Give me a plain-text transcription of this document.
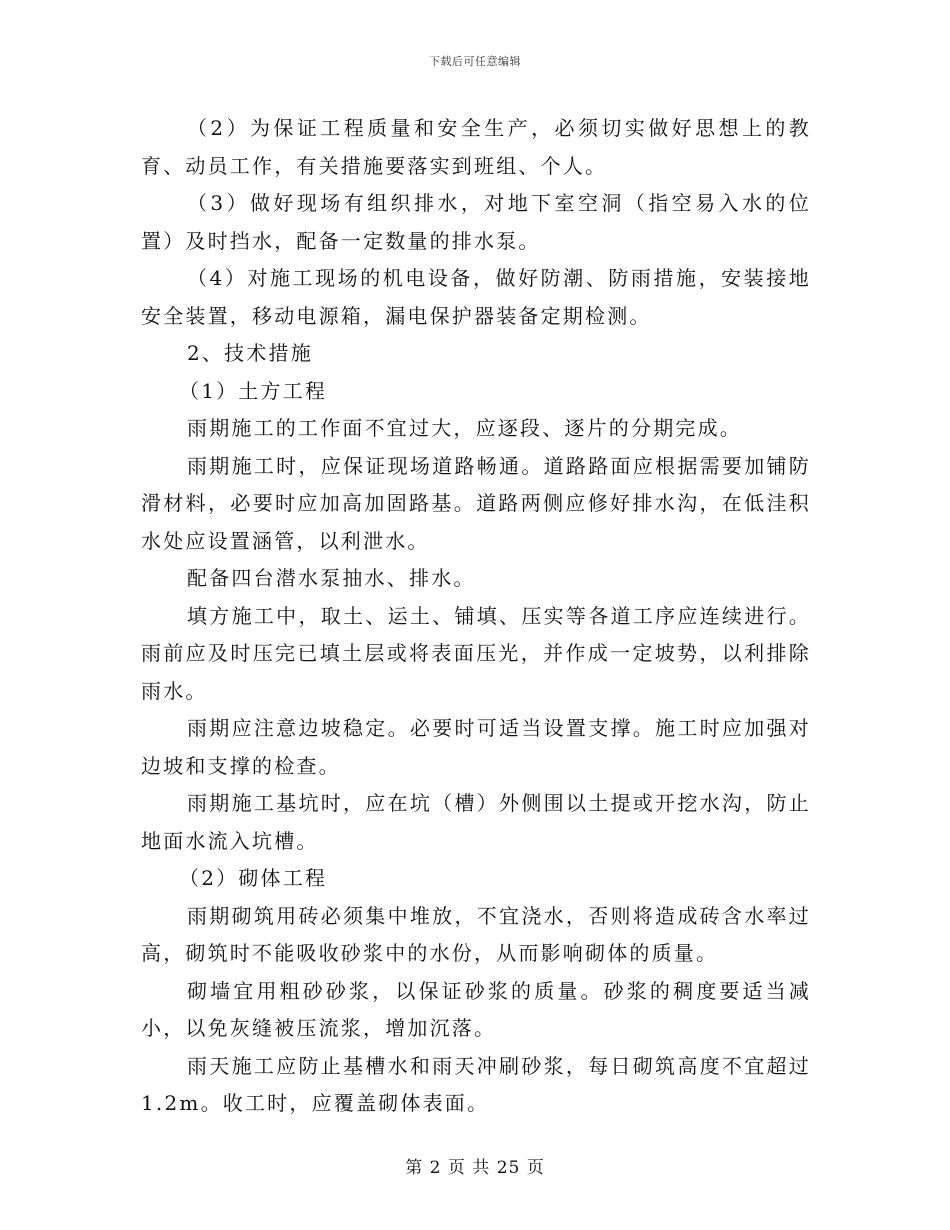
下载后可任意编辑

（2）为保证工程质量和安全生产，必须切实做好思想上的教育、动员工作，有关措施要落实到班组、个人。

（3）做好现场有组织排水，对地下室空洞（指空易入水的位置）及时挡水，配备一定数量的排水泵。

（4）对施工现场的机电设备，做好防潮、防雨措施，安装接地安全装置，移动电源箱，漏电保护器装备定期检测。

2、技术措施

（1）土方工程

雨期施工的工作面不宜过大，应逐段、逐片的分期完成。

雨期施工时，应保证现场道路畅通。道路路面应根据需要加铺防滑材料，必要时应加高加固路基。道路两侧应修好排水沟，在低洼积水处应设置涵管，以利泄水。

配备四台潜水泵抽水、排水。

填方施工中，取土、运土、铺填、压实等各道工序应连续进行。雨前应及时压完已填土层或将表面压光，并作成一定坡势，以利排除雨水。

雨期应注意边坡稳定。必要时可适当设置支撑。施工时应加强对边坡和支撑的检查。

雨期施工基坑时，应在坑（槽）外侧围以土提或开挖水沟，防止地面水流入坑槽。

（2）砌体工程

雨期砌筑用砖必须集中堆放，不宜浇水，否则将造成砖含水率过高，砌筑时不能吸收砂浆中的水份，从而影响砌体的质量。

砌墙宜用粗砂砂浆，以保证砂浆的质量。砂浆的稠度要适当减小，以免灰缝被压流浆，增加沉落。

雨天施工应防止基槽水和雨天冲刷砂浆，每日砌筑高度不宜超过1.2m。收工时，应覆盖砌体表面。

第 2 页 共 25 页
